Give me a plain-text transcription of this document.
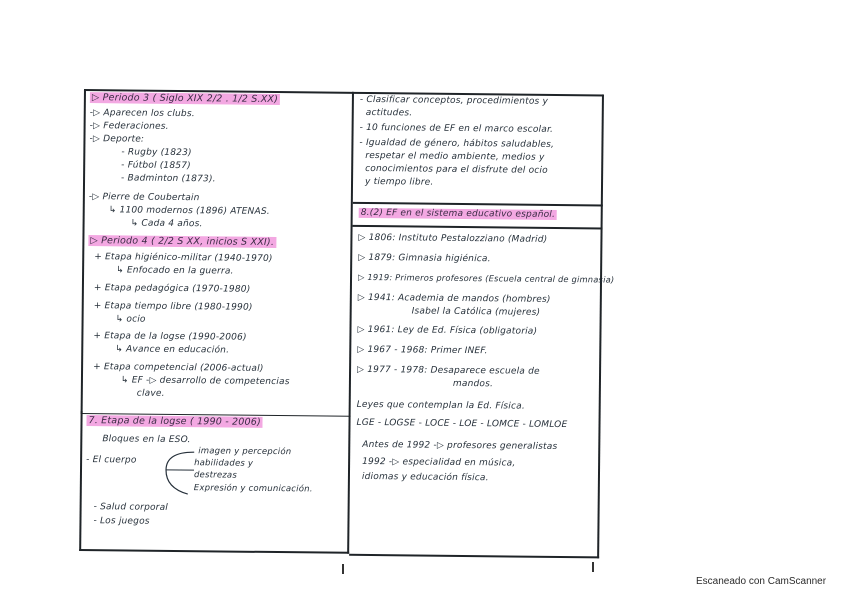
▷ Periodo 3 ( Siglo XIX 2/2 . 1/2 S.XX)
-▷ Aparecen los clubs.
-▷ Federaciones.
-▷ Deporte:
- Rugby (1823)
- Fútbol (1857)
- Badminton (1873).
-▷ Pierre de Coubertain
↳ 1100 modernos (1896) ATENAS.
↳ Cada 4 años.
▷ Periodo 4 ( 2/2 S XX, inicios S XXI).
+ Etapa higiénico-militar (1940-1970)
↳ Enfocado en la guerra.
+ Etapa pedagógica (1970-1980)
+ Etapa tiempo libre (1980-1990)
↳ ocio
+ Etapa de la logse (1990-2006)
↳ Avance en educación.
+ Etapa competencial (2006-actual)
↳ EF -▷ desarrollo de competencias
clave.
7. Etapa de la logse ( 1990 - 2006)
Bloques en la ESO.
- El cuerpo
imagen y percepción
habilidades y
destrezas
Expresión y comunicación.
- Salud corporal
- Los juegos
- Clasificar conceptos, procedimientos y
actitudes.
- 10 funciones de EF en el marco escolar.
- Igualdad de género, hábitos saludables,
respetar el medio ambiente, medios y
conocimientos para el disfrute del ocio
y tiempo libre.
8.(2) EF en el sistema educativo español.
▷ 1806: Instituto Pestalozziano (Madrid)
▷ 1879: Gimnasia higiénica.
▷ 1919: Primeros profesores (Escuela central de gimnasia)
▷ 1941: Academia de mandos (hombres)
Isabel la Católica (mujeres)
▷ 1961: Ley de Ed. Física (obligatoria)
▷ 1967 - 1968: Primer INEF.
▷ 1977 - 1978: Desaparece escuela de
mandos.
Leyes que contemplan la Ed. Física.
LGE - LOGSE - LOCE - LOE - LOMCE - LOMLOE
Antes de 1992 -▷ profesores generalistas
1992 -▷ especialidad en música,
idiomas y educación física.
Escaneado con CamScanner
